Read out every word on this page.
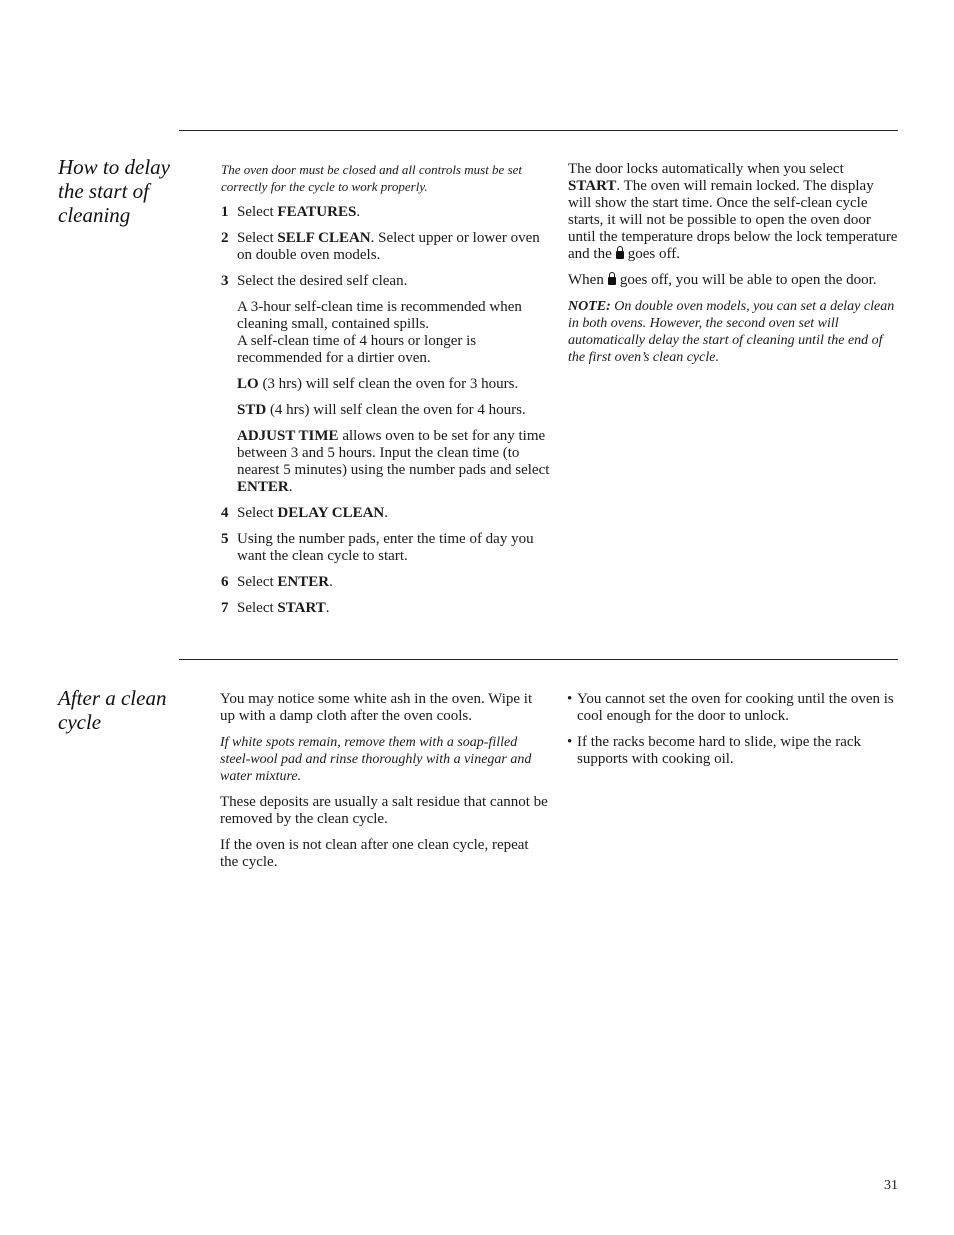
How to delay the start of cleaning

The oven door must be closed and all controls must be set correctly for the cycle to work properly.

1 Select FEATURES.
2 Select SELF CLEAN. Select upper or lower oven on double oven models.
3 Select the desired self clean.
A 3-hour self-clean time is recommended when cleaning small, contained spills.
A self-clean time of 4 hours or longer is recommended for a dirtier oven.
LO (3 hrs) will self clean the oven for 3 hours.
STD (4 hrs) will self clean the oven for 4 hours.
ADJUST TIME allows oven to be set for any time between 3 and 5 hours. Input the clean time (to nearest 5 minutes) using the number pads and select ENTER.
4 Select DELAY CLEAN.
5 Using the number pads, enter the time of day you want the clean cycle to start.
6 Select ENTER.
7 Select START.

The door locks automatically when you select START. The oven will remain locked. The display will show the start time. Once the self-clean cycle starts, it will not be possible to open the oven door until the temperature drops below the lock temperature and the goes off.

When goes off, you will be able to open the door.

NOTE: On double oven models, you can set a delay clean in both ovens. However, the second oven set will automatically delay the start of cleaning until the end of the first oven’s clean cycle.

After a clean cycle

You may notice some white ash in the oven. Wipe it up with a damp cloth after the oven cools.

If white spots remain, remove them with a soap-filled steel-wool pad and rinse thoroughly with a vinegar and water mixture.

These deposits are usually a salt residue that cannot be removed by the clean cycle.

If the oven is not clean after one clean cycle, repeat the cycle.

• You cannot set the oven for cooking until the oven is cool enough for the door to unlock.
• If the racks become hard to slide, wipe the rack supports with cooking oil.
31
